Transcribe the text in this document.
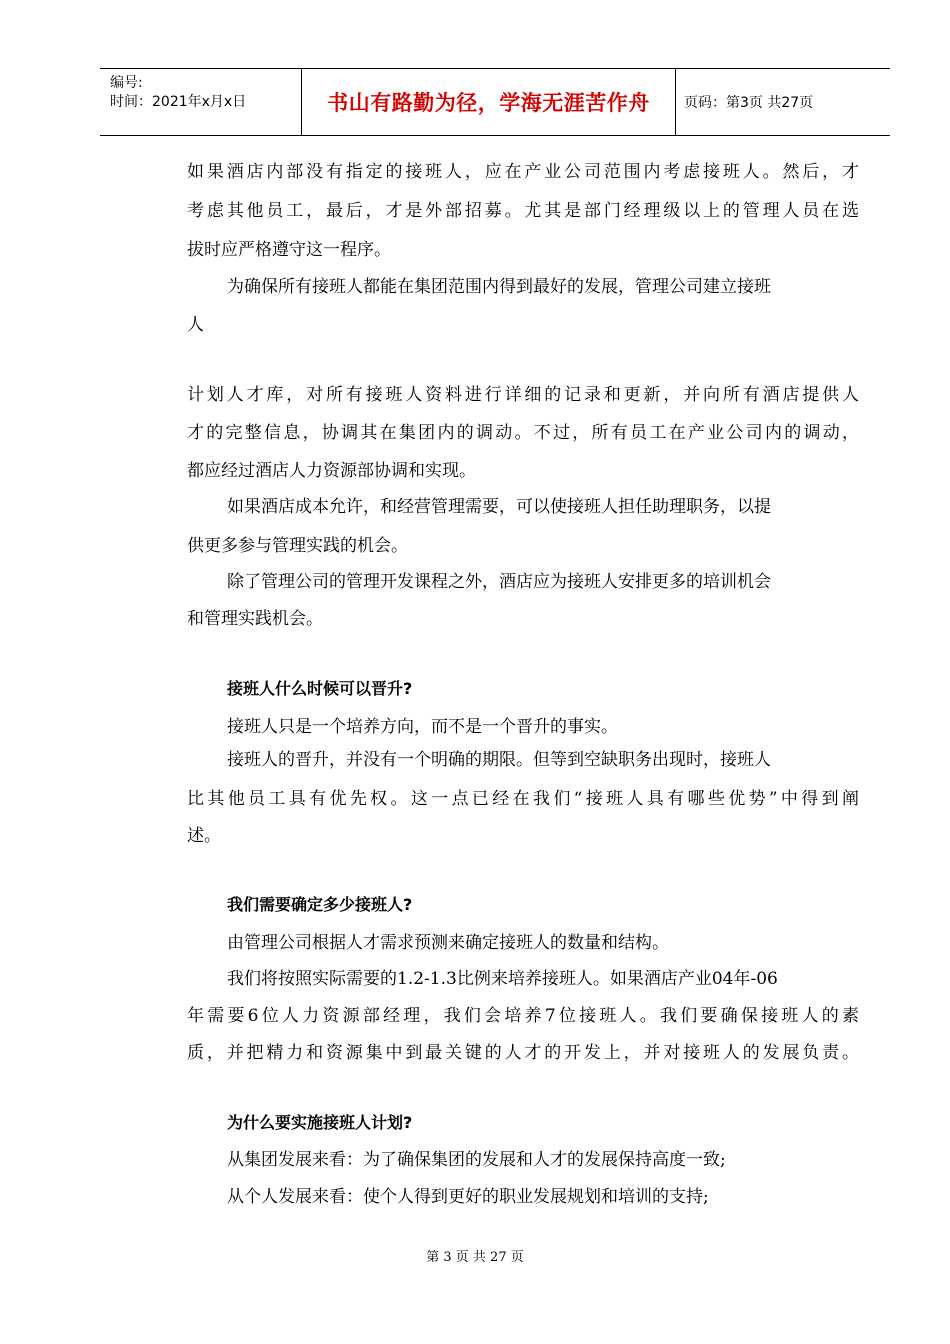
编号:
时间：2021年x月x日	书山有路勤为径，学海无涯苦作舟	页码：第3页 共27页
如果酒店内部没有指定的接班人，应在产业公司范围内考虑接班人。然后，才
考虑其他员工，最后，才是外部招募。尤其是部门经理级以上的管理人员在选
拔时应严格遵守这一程序。
为确保所有接班人都能在集团范围内得到最好的发展，管理公司建立接班
人
计划人才库，对所有接班人资料进行详细的记录和更新，并向所有酒店提供人
才的完整信息，协调其在集团内的调动。不过，所有员工在产业公司内的调动，
都应经过酒店人力资源部协调和实现。
如果酒店成本允许，和经营管理需要，可以使接班人担任助理职务，以提
供更多参与管理实践的机会。
除了管理公司的管理开发课程之外，酒店应为接班人安排更多的培训机会
和管理实践机会。
接班人什么时候可以晋升?
接班人只是一个培养方向，而不是一个晋升的事实。
接班人的晋升，并没有一个明确的期限。但等到空缺职务出现时，接班人
比其他员工具有优先权。这一点已经在我们“接班人具有哪些优势”中得到阐
述。
我们需要确定多少接班人?
由管理公司根据人才需求预测来确定接班人的数量和结构。
我们将按照实际需要的1.2-1.3比例来培养接班人。如果酒店产业04年-06
年需要6位人力资源部经理，我们会培养7位接班人。我们要确保接班人的素
质，并把精力和资源集中到最关键的人才的开发上，并对接班人的发展负责。
为什么要实施接班人计划?
从集团发展来看：为了确保集团的发展和人才的发展保持高度一致;
从个人发展来看：使个人得到更好的职业发展规划和培训的支持;
第 3 页 共 27 页
